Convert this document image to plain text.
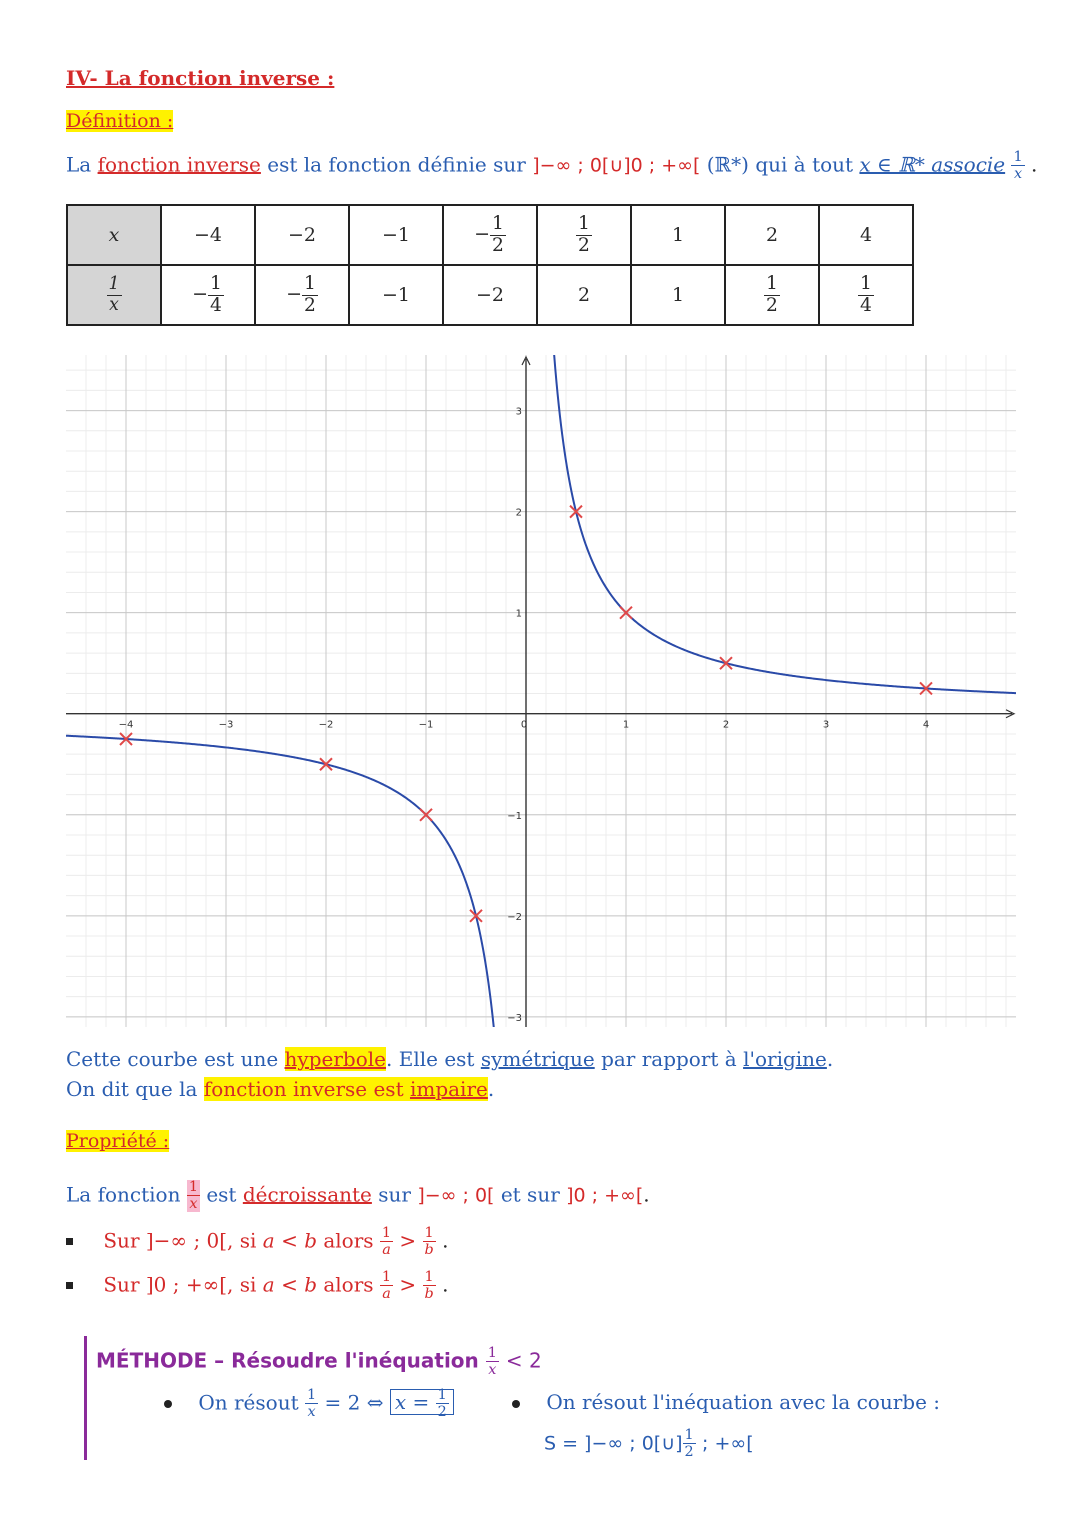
IV- La fonction inverse :
Définition :
La fonction inverse est la fonction définie sur ]−∞ ; 0[∪]0 ; +∞[ (ℝ*) qui à tout x ∈ ℝ* associe $\frac{1}{x}$ .
x	−4	−2	−1	− $\frac{1}{2}$	$\frac{1}{2}$	1	2	4

$\frac{1}{x}$	− $\frac{1}{4}$	− $\frac{1}{2}$	−1	−2	2	1	$\frac{1}{2}$	$\frac{1}{4}$
−4	−3	−2	−1	0	1	2	3	4
−3
−2
−1
1
2
3
Cette courbe est une hyperbole. Elle est symétrique par rapport à l'origine.
On dit que la fonction inverse est impaire.
Propriété :
La fonction $\frac{1}{x}$ est décroissante sur ]−∞ ; 0[ et sur ]0 ; +∞[.
Sur ]−∞ ; 0[, si a < b alors $\frac{1}{a} > \frac{1}{b}$ .
Sur ]0 ; +∞[, si a < b alors $\frac{1}{a} > \frac{1}{b}$ .
MÉTHODE – Résoudre l'inéquation $\frac{1}{x} < 2$
On résout $\frac{1}{x} = 2$ ⇔ $x = \frac{1}{2}$	On résout l'inéquation avec la courbe :
S = ]−∞ ; 0[∪] $\frac{1}{2}$ ; +∞[
